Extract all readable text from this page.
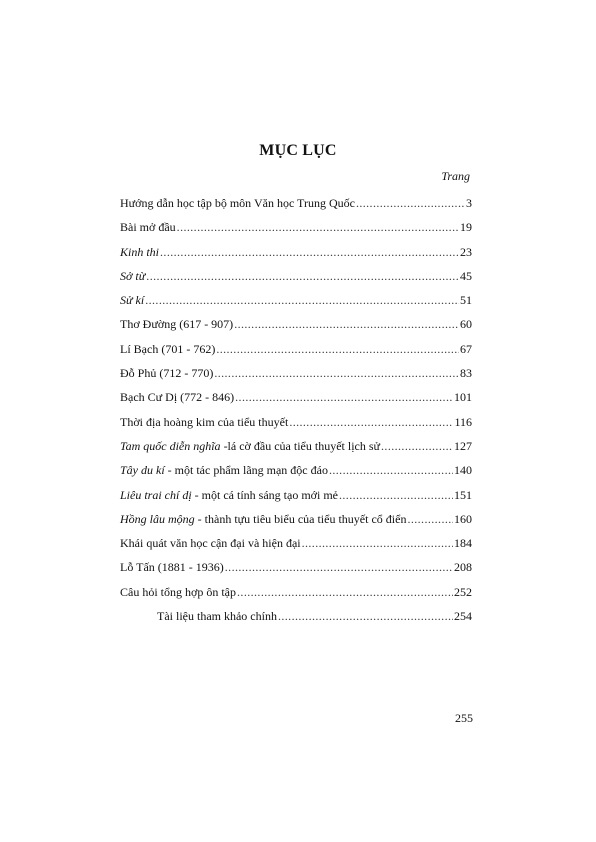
MỤC LỤC
Trang
Hướng dẫn học tập bộ môn Văn học Trung Quốc .....	3
Bài mở đầu .....	19
Kinh thi .....	23
Sở từ .....	45
Sử kí .....	51
Thơ Đường (617 - 907) .....	60
Lí Bạch (701 - 762) .....	67
Đỗ Phủ (712 - 770) .....	83
Bạch Cư Dị (772 - 846) .....	101
Thời địa hoàng kim của tiểu thuyết .....	116
Tam quốc diễn nghĩa -lá cờ đầu của tiểu thuyết lịch sử .....	127
Tây du kí - một tác phẩm lãng mạn độc đáo .....	140
Liêu trai chí dị - một cá tính sáng tạo mới mẻ .....	151
Hồng lâu mộng - thành tựu tiêu biểu của tiểu thuyết cổ điển .....	160
Khái quát văn học cận đại và hiện đại .....	184
Lỗ Tấn (1881 - 1936) .....	208
Câu hỏi tổng hợp ôn tập .....	252
Tài liệu tham khảo chính .....	254
255
